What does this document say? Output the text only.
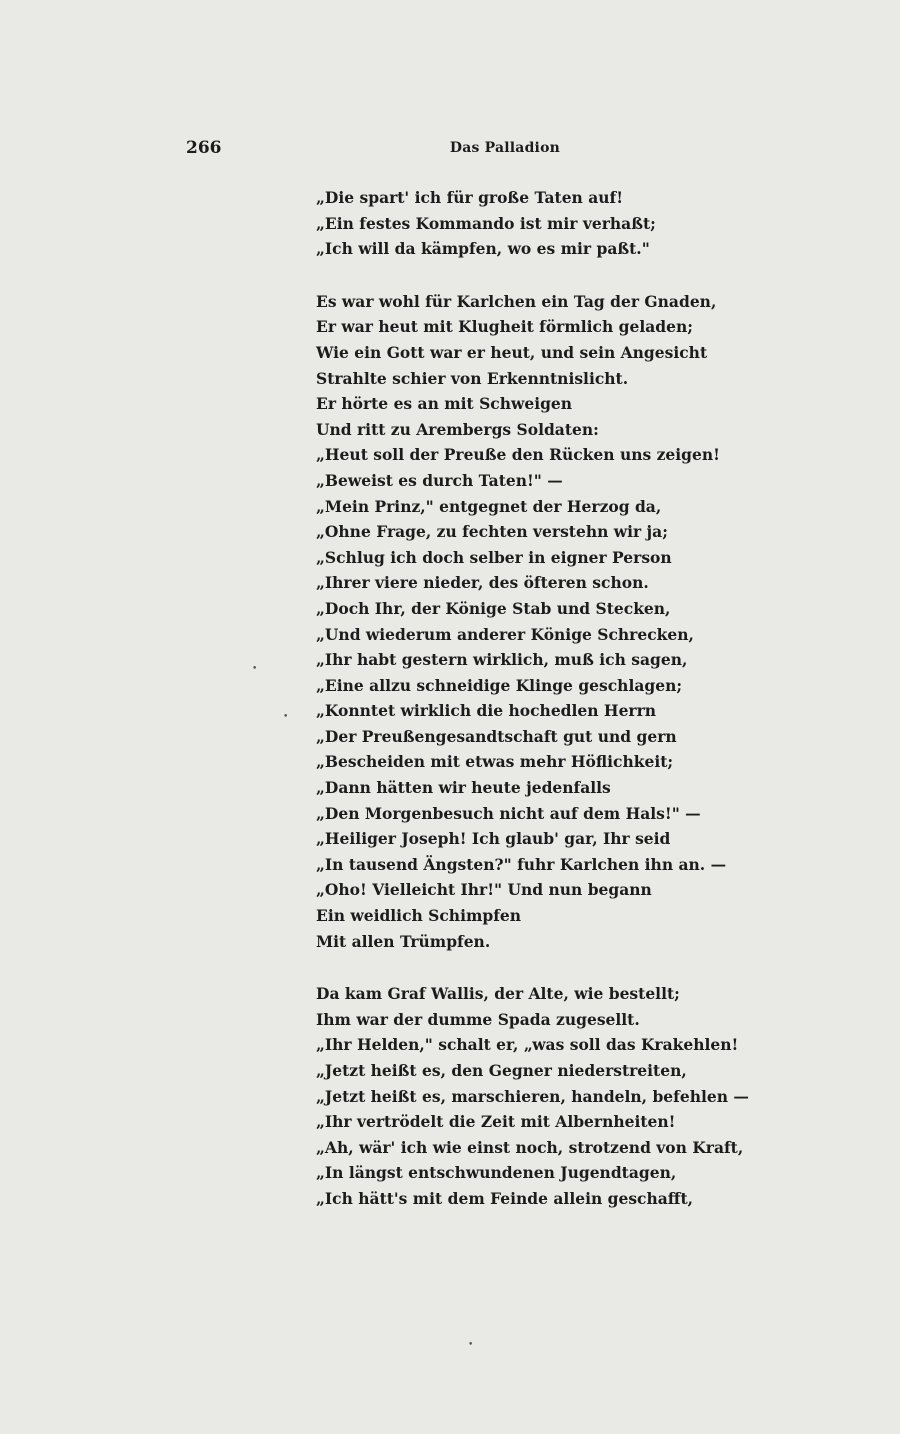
266	Das Palladion
„Die spart' ich für große Taten auf!
„Ein festes Kommando ist mir verhaßt;
„Ich will da kämpfen, wo es mir paßt."
Es war wohl für Karlchen ein Tag der Gnaden,
Er war heut mit Klugheit förmlich geladen;
Wie ein Gott war er heut, und sein Angesicht
Strahlte schier von Erkenntnislicht.
Er hörte es an mit Schweigen
Und ritt zu Arembergs Soldaten:
„Heut soll der Preuße den Rücken uns zeigen!
„Beweist es durch Taten!" —
„Mein Prinz," entgegnet der Herzog da,
„Ohne Frage, zu fechten verstehn wir ja;
„Schlug ich doch selber in eigner Person
„Ihrer viere nieder, des öfteren schon.
„Doch Ihr, der Könige Stab und Stecken,
„Und wiederum anderer Könige Schrecken,
„Ihr habt gestern wirklich, muß ich sagen,
„Eine allzu schneidige Klinge geschlagen;
„Konntet wirklich die hochedlen Herrn
„Der Preußengesandtschaft gut und gern
„Bescheiden mit etwas mehr Höflichkeit;
„Dann hätten wir heute jedenfalls
„Den Morgenbesuch nicht auf dem Hals!" —
„Heiliger Joseph! Ich glaub' gar, Ihr seid
„In tausend Ängsten?" fuhr Karlchen ihn an. —
„Oho! Vielleicht Ihr!" Und nun begann
Ein weidlich Schimpfen
Mit allen Trümpfen.
Da kam Graf Wallis, der Alte, wie bestellt;
Ihm war der dumme Spada zugesellt.
„Ihr Helden," schalt er, „was soll das Krakehlen!
„Jetzt heißt es, den Gegner niederstreiten,
„Jetzt heißt es, marschieren, handeln, befehlen —
„Ihr vertrödelt die Zeit mit Albernheiten!
„Ah, wär' ich wie einst noch, strotzend von Kraft,
„In längst entschwundenen Jugendtagen,
„Ich hätt's mit dem Feinde allein geschafft,
•
•
•
